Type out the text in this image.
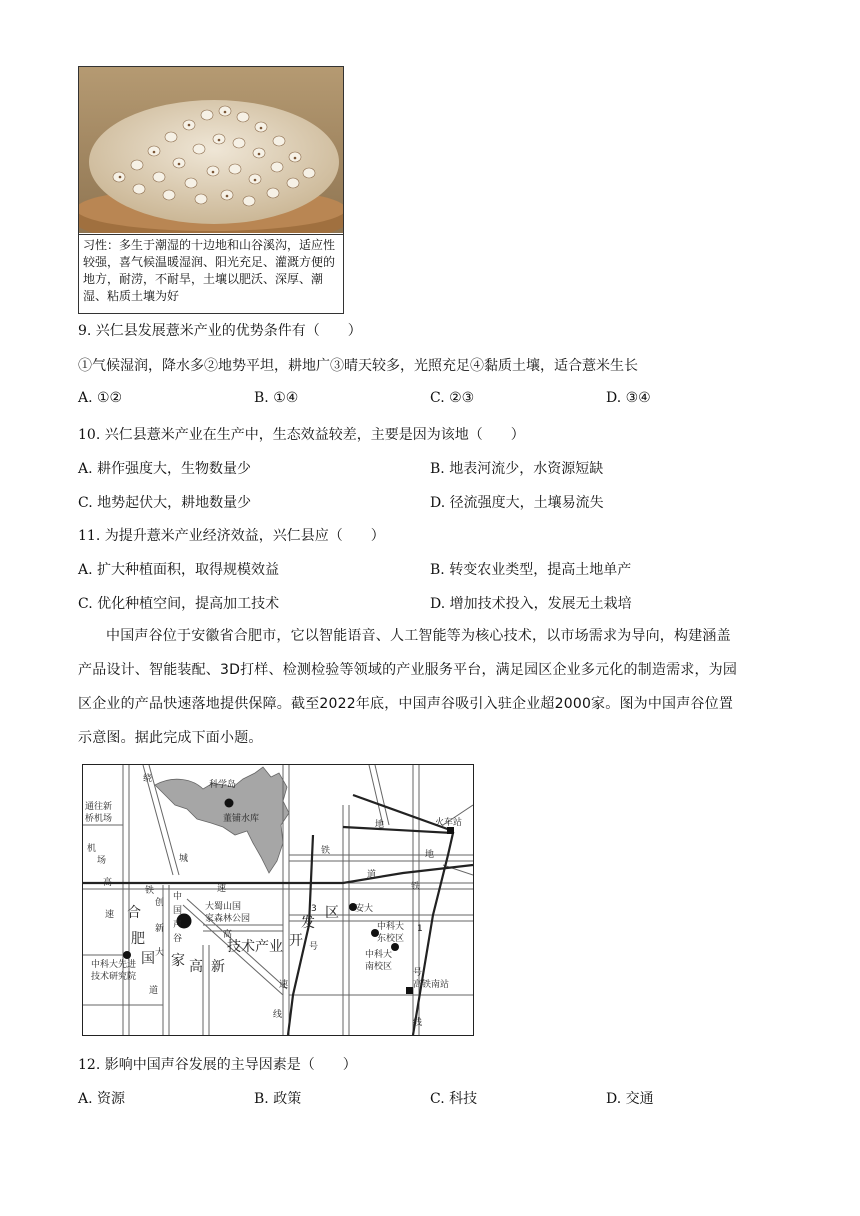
习性：多生于潮湿的十边地和山谷溪沟，适应性较强，喜气候温暖湿润、阳光充足、灌溉方便的地方，耐涝，不耐旱，土壤以肥沃、深厚、潮湿、粘质土壤为好
9. 兴仁县发展薏米产业的优势条件有（　　）
①气候湿润，降水多②地势平坦，耕地广③晴天较多，光照充足④黏质土壤，适合薏米生长
A. ①②	B. ①④	C. ②③	D. ③④
10. 兴仁县薏米产业在生产中，生态效益较差，主要是因为该地（　　）
A. 耕作强度大，生物数量少	B. 地表河流少，水资源短缺
C. 地势起伏大，耕地数量少	D. 径流强度大，土壤易流失
11. 为提升薏米产业经济效益，兴仁县应（　　）
A. 扩大种植面积，取得规模效益	B. 转变农业类型，提高土地单产
C. 优化种植空间，提高加工技术	D. 增加技术投入，发展无土栽培
中国声谷位于安徽省合肥市，它以智能语音、人工智能等为核心技术，以市场需求为导向，构建涵盖
产品设计、智能装配、3D打样、检测检验等领域的产业服务平台，满足园区企业多元化的制造需求，为园
区企业的产品快速落地提供保障。截至2022年底，中国声谷吸引入驻企业超2000家。图为中国声谷位置
示意图。据此完成下面小题。
科学岛
董铺水库
通往新
桥机场	火车站
高铁南站
大蜀山国
家森林公园
中
国
声
谷
安大
中科大
东校区
中科大
南校区
中科大先进
技术研究院
绕
机
场
高
速
城
速
铁
创
新
大
道
铁
地
道
铁
地
合
肥
国 家 高 新
技术产业 开
发
区
高
速
线
线
3
号
1
号
12. 影响中国声谷发展的主导因素是（　　）
A. 资源	B. 政策	C. 科技	D. 交通
